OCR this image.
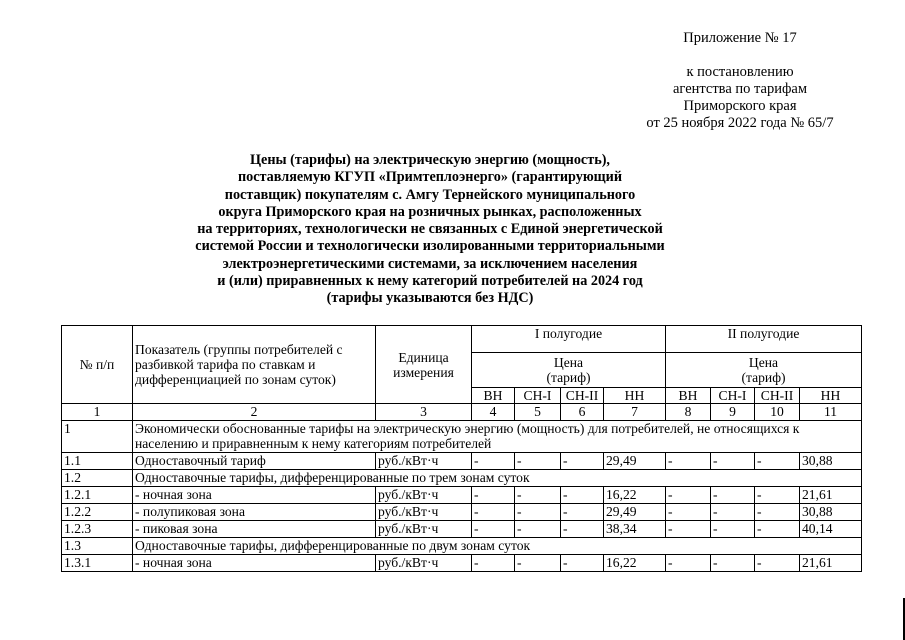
Приложение № 17
к постановлению
агентства по тарифам
Приморского края
от 25 ноября 2022 года № 65/7
Цены (тарифы) на электрическую энергию (мощность),
поставляемую КГУП «Примтеплоэнерго» (гарантирующий
поставщик) покупателям с. Амгу Тернейского муниципального
округа Приморского края на розничных рынках, расположенных
на территориях, технологически не связанных с Единой энергетической
системой России и технологически изолированными территориальными
электроэнергетическими системами, за исключением населения
и (или) приравненных к нему категорий потребителей на 2024 год
(тарифы указываются без НДС)
№ п/п	Показатель (группы потребителей с разбивкой тарифа по ставкам и дифференциацией по зонам суток)	Единица измерения	I полугодие				II полугодие			
			Цена (тариф)				Цена (тариф)			
			ВН	СН-I	СН-II	НН	ВН	СН-I	СН-II	НН
1	2	3	4	5	6	7	8	9	10	11
1	Экономически обоснованные тарифы на электрическую энергию (мощность) для потребителей, не относящихся к населению и приравненным к нему категориям потребителей									
1.1	Одноставочный тариф	руб./кВт·ч	-	-	-	29,49	-	-	-	30,88
1.2	Одноставочные тарифы, дифференцированные по трем зонам суток									
1.2.1	- ночная зона	руб./кВт·ч	-	-	-	16,22	-	-	-	21,61
1.2.2	- полупиковая зона	руб./кВт·ч	-	-	-	29,49	-	-	-	30,88
1.2.3	- пиковая зона	руб./кВт·ч	-	-	-	38,34	-	-	-	40,14
1.3	Одноставочные тарифы, дифференцированные по двум зонам суток									
1.3.1	- ночная зона	руб./кВт·ч	-	-	-	16,22	-	-	-	21,61
